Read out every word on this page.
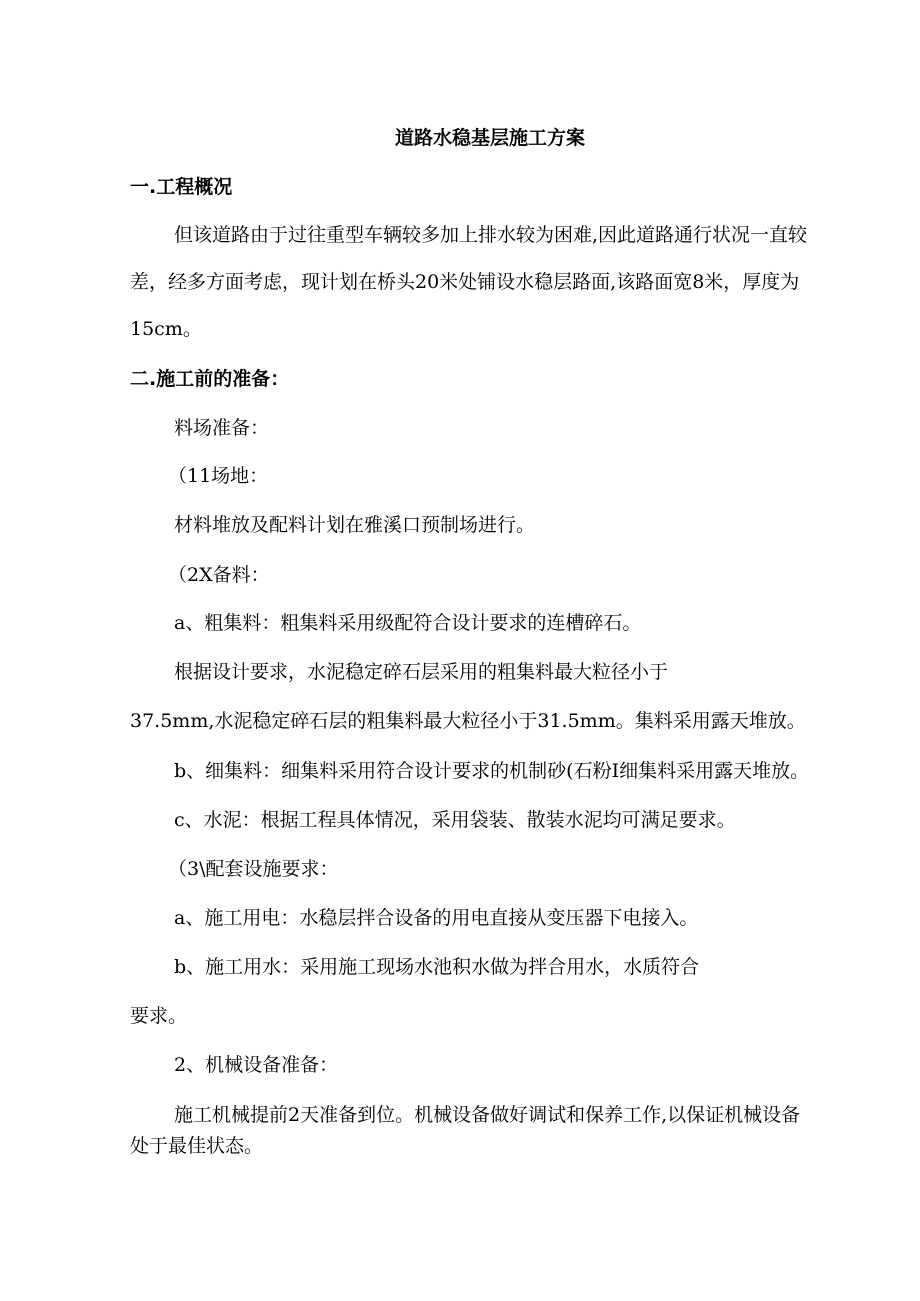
道路水稳基层施工方案

一.工程概况

但该道路由于过往重型车辆较多加上排水较为困难,因此道路通行状况一直较

差，经多方面考虑，现计划在桥头20米处铺设水稳层路面,该路面宽8米，厚度为

15cm。

二.施工前的准备：

料场准备：

（11场地：

材料堆放及配料计划在雅溪口预制场进行。

（2X备料：

a、粗集料：粗集料采用级配符合设计要求的连槽碎石。

根据设计要求，水泥稳定碎石层采用的粗集料最大粒径小于

37.5mm,水泥稳定碎石层的粗集料最大粒径小于31.5mm。集料采用露天堆放。

b、细集料：细集料采用符合设计要求的机制砂(石粉I细集料采用露天堆放。

c、水泥：根据工程具体情况，采用袋装、散装水泥均可满足要求。

（3\配套设施要求：

a、施工用电：水稳层拌合设备的用电直接从变压器下电接入。

b、施工用水：采用施工现场水池积水做为拌合用水，水质符合

要求。

2、机械设备准备：

施工机械提前2天准备到位。机械设备做好调试和保养工作,以保证机械设备

处于最佳状态。
